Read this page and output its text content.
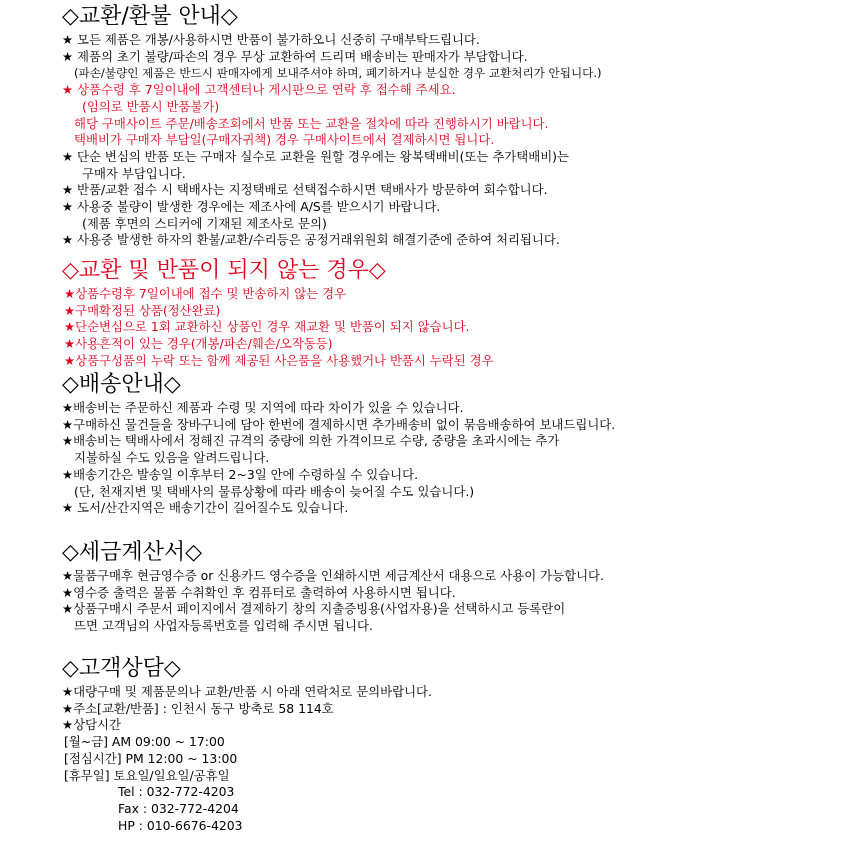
◇교환/환불 안내◇
★ 모든 제품은 개봉/사용하시면 반품이 불가하오니 신중히 구매부탁드립니다.
★ 제품의 초기 불량/파손의 경우 무상 교환하여 드리며 배송비는 판매자가 부담합니다.
(파손/불량인 제품은 반드시 판매자에게 보내주셔야 하며, 폐기하거나 분실한 경우 교환처리가 안됩니다.)
★ 상품수령 후 7일이내에 고객센터나 게시판으로 연락 후 접수해 주세요.
(임의로 반품시 반품불가)
해당 구매사이트 주문/배송조회에서 반품 또는 교환을 절차에 따라 진행하시기 바랍니다.
택배비가 구매자 부담일(구매자귀책) 경우 구매사이트에서 결제하시면 됩니다.
★ 단순 변심의 반품 또는 구매자 실수로 교환을 원할 경우에는 왕복택배비(또는 추가택배비)는
구매자 부담입니다.
★ 반품/교환 접수 시 택배사는 지정택배로 선택접수하시면 택배사가 방문하여 회수합니다.
★ 사용중 불량이 발생한 경우에는 제조사에 A/S를 받으시기 바랍니다.
(제품 후면의 스티커에 기재된 제조사로 문의)
★ 사용중 발생한 하자의 환불/교환/수리등은 공정거래위원회 해결기준에 준하여 처리됩니다.
◇교환 및 반품이 되지 않는 경우◇
★상품수령후 7일이내에 접수 및 반송하지 않는 경우
★구매확정된 상품(정산완료)
★단순변심으로 1회 교환하신 상품인 경우 재교환 및 반품이 되지 않습니다.
★사용흔적이 있는 경우(개봉/파손/훼손/오작동등)
★상품구성품의 누락 또는 함께 제공된 사은품을 사용했거나 반품시 누락된 경우
◇배송안내◇
★배송비는 주문하신 제품과 수령 및 지역에 따라 차이가 있을 수 있습니다.
★구매하신 물건들을 장바구니에 담아 한번에 결제하시면 추가배송비 없이 묶음배송하여 보내드립니다.
★배송비는 택배사에서 정해진 규격의 중량에 의한 가격이므로 수량, 중량을 초과시에는 추가
지불하실 수도 있음을 알려드립니다.
★배송기간은 발송일 이후부터 2~3일 안에 수령하실 수 있습니다.
(단, 천재지변 및 택배사의 물류상황에 따라 배송이 늦어질 수도 있습니다.)
★ 도서/산간지역은 배송기간이 길어질수도 있습니다.
◇세금계산서◇
★물품구매후 현금영수증 or 신용카드 영수증을 인쇄하시면 세금계산서 대용으로 사용이 가능합니다.
★영수증 출력은 물품 수취확인 후 컴퓨터로 출력하여 사용하시면 됩니다.
★상품구매시 주문서 페이지에서 결제하기 창의 지출증빙용(사업자용)을 선택하시고 등록란이
뜨면 고객님의 사업자등록번호를 입력해 주시면 됩니다.
◇고객상담◇
★대량구매 및 제품문의나 교환/반품 시 아래 연락처로 문의바랍니다.
★주소[교환/반품] : 인천시 동구 방축로 58 114호
★상담시간
[월~금] AM 09:00 ~ 17:00
[점심시간] PM 12:00 ~ 13:00
[휴무일] 토요일/일요일/공휴일
Tel : 032-772-4203
Fax : 032-772-4204
HP : 010-6676-4203
